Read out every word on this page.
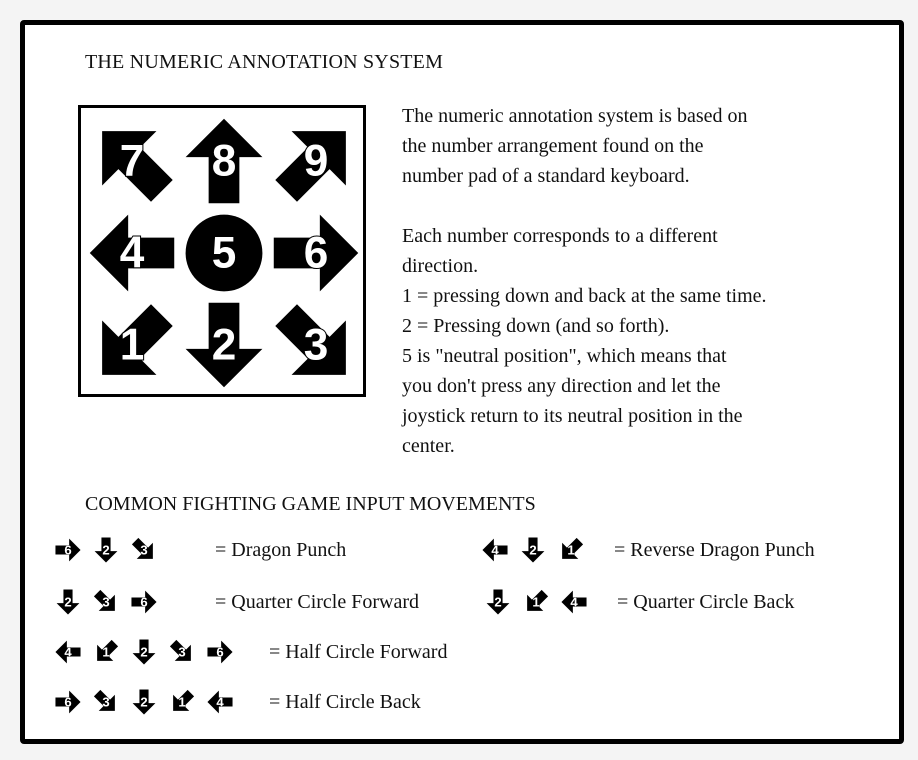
THE NUMERIC ANNOTATION SYSTEM
7 8 9
4 5 6
1 2 3
The numeric annotation system is based on
the number arrangement found on the
number pad of a standard keyboard.
Each number corresponds to a different
direction.
1 = pressing down and back at the same time.
2 = Pressing down (and so forth).
5 is "neutral position", which means that
you don't press any direction and let the
joystick return to its neutral position in the
center.
COMMON FIGHTING GAME INPUT MOVEMENTS
6 2 3	= Dragon Punch	4 2 1 = Reverse Dragon Punch
2 3 6	= Quarter Circle Forward	2 1 4 = Quarter Circle Back
4 1 2 3 6 = Half Circle Forward
6 3 2 1 4 = Half Circle Back
